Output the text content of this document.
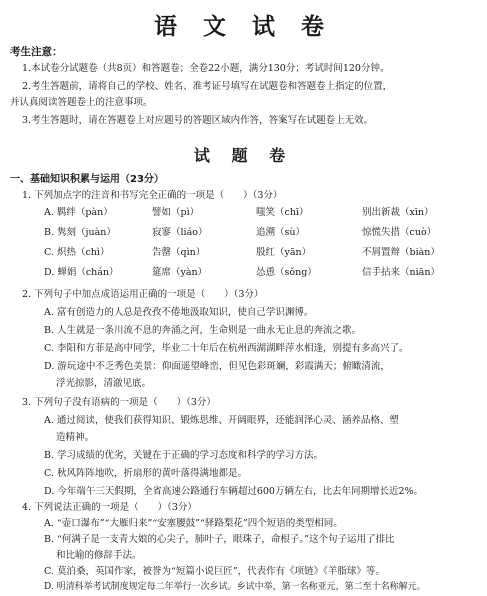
语 文 试 卷
考生注意：
1.本试卷分试题卷（共8页）和答题卷；全卷22小题，满分130分；考试时间120分钟。
2.考生答题前，请将自己的学校、姓名、准考证号填写在试题卷和答题卷上指定的位置，
并认真阅读答题卷上的注意事项。
试 题 卷
一、基础知识积累与运用（23分）
3.考生答题时，请在答题卷上对应题号的答题区域内作答，答案写在试题卷上无效。
1. 下列加点字的注音和书写完全正确的一项是（　　）（3分）
A. 羁绊（pàn）	譬如（pì）	嗤笑（chī）	别出新裁（xīn）
B. 隽刻（juàn）	寂寥（liáo）	追溯（sù）	惊慌失措（cuò）
C. 炽热（chì）	告罄（qìn）	殷红（yān）	不屑置辩（biàn）
D. 蝉娟（chán）	筵席（yàn）	怂恿（sǒng）	信手拈来（niān）
2. 下列句子中加点成语运用正确的一项是（　　）（3分）
A. 富有创造力的人总是孜孜不倦地汲取知识，使自己学识渊博。
B. 人生就是一条川流不息的奔涌之河，生命则是一曲永无止息的奔流之歌。
C. 李阳和方菲是高中同学，毕业二十年后在杭州西湖湖畔萍水相逢，别提有多高兴了。
D. 游玩途中不乏秀色美景：仰面遥望峰峦，但见色彩斑斓，彩霞满天；俯瞰清流，
浮光掠影，清澈见底。
3. 下列句子没有语病的一项是（　　）（3分）
A. 通过阅读，使我们获得知识、锻炼思维、开阔眼界，还能润泽心灵、涵养品格、塑
造精神。
B. 学习成绩的优劣，关键在于正确的学习态度和科学的学习方法。
C. 秋风阵阵地吹，折扇形的黄叶落得满地都是。
D. 今年端午三天假期，全省高速公路通行车辆超过600万辆左右，比去年同期增长近2%。
4. 下列说法正确的一项是（　　）（3分）
A. “壶口瀑布”“大雁归来”“安塞腰鼓”“驿路梨花”四个短语的类型相同。
B. “何满子是一支青大娘的心尖子，肺叶子，眼珠子，命根子。”这个句子运用了排比
和比喻的修辞手法。
C. 莫泊桑，英国作家，被誉为“短篇小说巨匠”，代表作有《项链》《羊脂球》等。
D. 明清科举考试制度规定每二年举行一次乡试。乡试中举，第一名称亚元，第二至十名称解元。
